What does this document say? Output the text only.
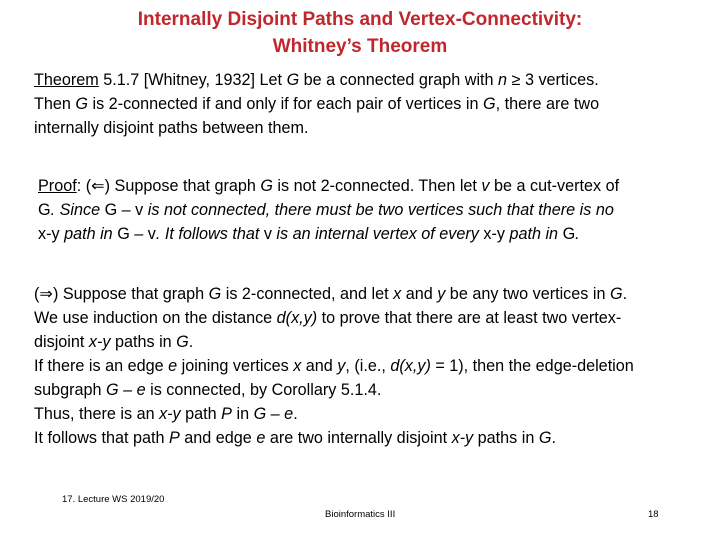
Internally Disjoint Paths and Vertex-Connectivity:
Whitney’s Theorem
Theorem 5.1.7 [Whitney, 1932] Let G be a connected graph with n ≥ 3 vertices.
Then G is 2-connected if and only if for each pair of vertices in G, there are two
internally disjoint paths between them.
Proof: (⇐) Suppose that graph G is not 2-connected. Then let v be a cut-vertex of
G. Since G – v is not connected, there must be two vertices such that there is no
x-y path in G – v. It follows that v is an internal vertex of every x-y path in G.
(⇒) Suppose that graph G is 2-connected, and let x and y be any two vertices in G.
We use induction on the distance d(x,y) to prove that there are at least two vertex-
disjoint x-y paths in G.
If there is an edge e joining vertices x and y, (i.e., d(x,y) = 1), then the edge-deletion
subgraph G – e is connected, by Corollary 5.1.4.
Thus, there is an x-y path P in G – e.
It follows that path P and edge e are two internally disjoint x-y paths in G.
17. Lecture WS 2019/20
Bioinformatics III	18
